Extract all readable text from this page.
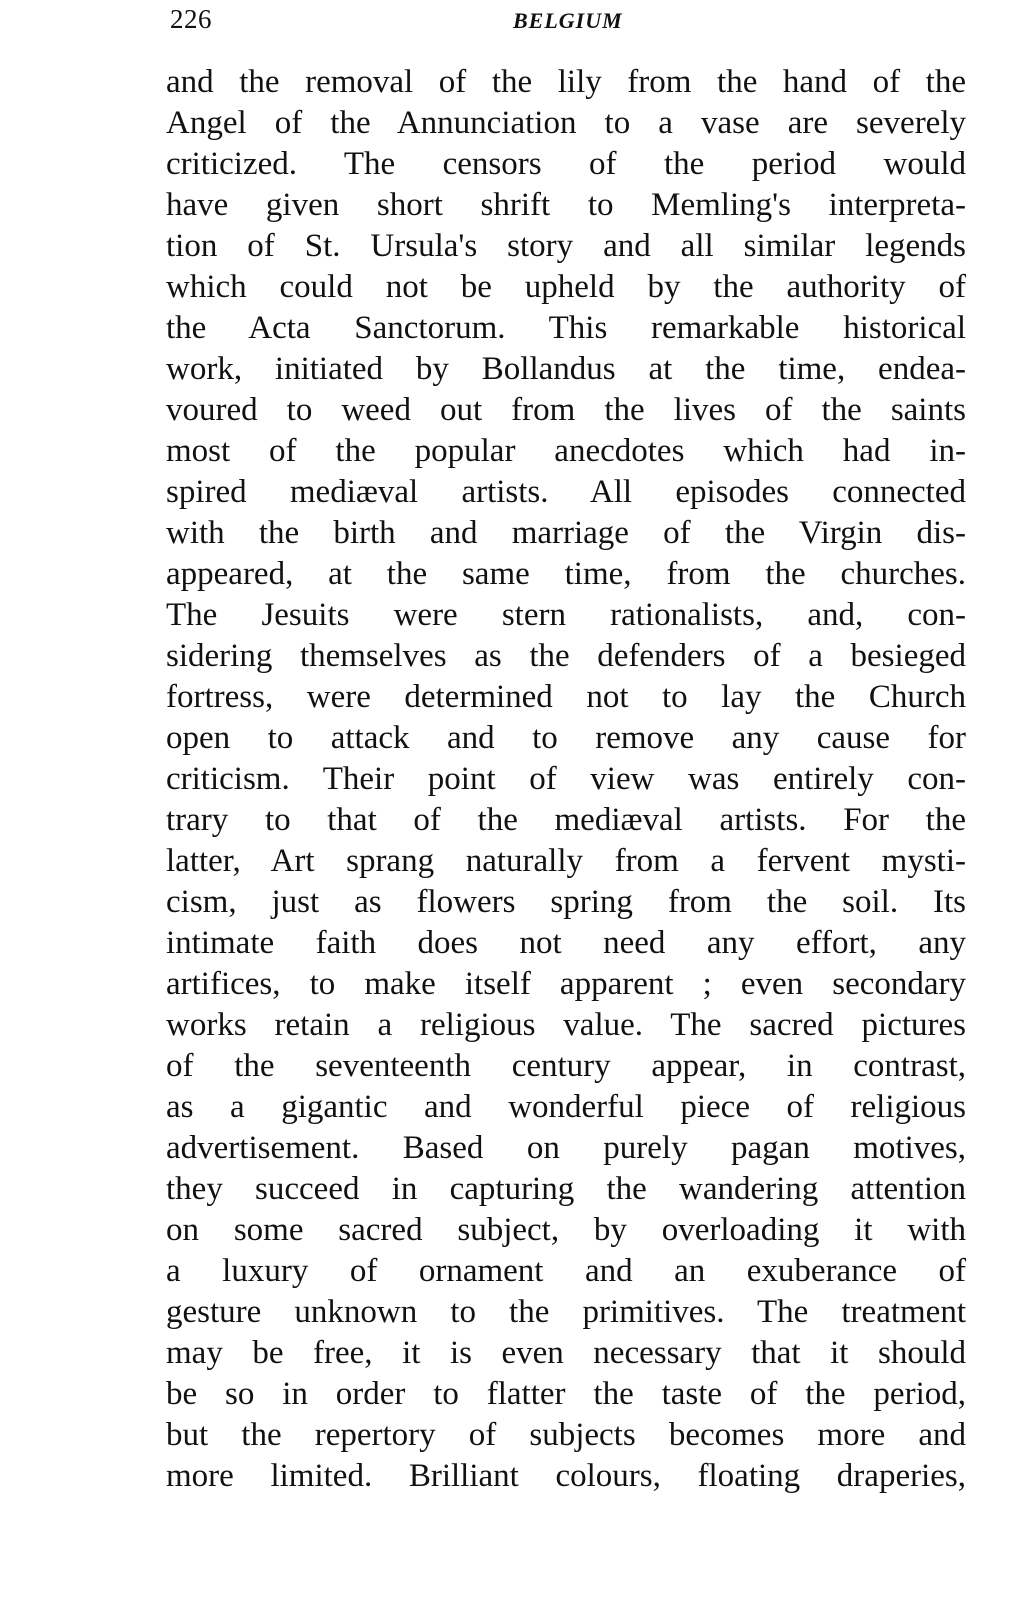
226	BELGIUM
and the removal of the lily from the hand of the
Angel of the Annunciation to a vase are severely
criticized. The censors of the period would
have given short shrift to Memling's interpreta-
tion of St. Ursula's story and all similar legends
which could not be upheld by the authority of
the Acta Sanctorum. This remarkable historical
work, initiated by Bollandus at the time, endea-
voured to weed out from the lives of the saints
most of the popular anecdotes which had in-
spired mediæval artists. All episodes connected
with the birth and marriage of the Virgin dis-
appeared, at the same time, from the churches.
The Jesuits were stern rationalists, and, con-
sidering themselves as the defenders of a besieged
fortress, were determined not to lay the Church
open to attack and to remove any cause for
criticism. Their point of view was entirely con-
trary to that of the mediæval artists. For the
latter, Art sprang naturally from a fervent mysti-
cism, just as flowers spring from the soil. Its
intimate faith does not need any effort, any
artifices, to make itself apparent ; even secondary
works retain a religious value. The sacred pictures
of the seventeenth century appear, in contrast,
as a gigantic and wonderful piece of religious
advertisement. Based on purely pagan motives,
they succeed in capturing the wandering attention
on some sacred subject, by overloading it with
a luxury of ornament and an exuberance of
gesture unknown to the primitives. The treatment
may be free, it is even necessary that it should
be so in order to flatter the taste of the period,
but the repertory of subjects becomes more and
more limited. Brilliant colours, floating draperies,
